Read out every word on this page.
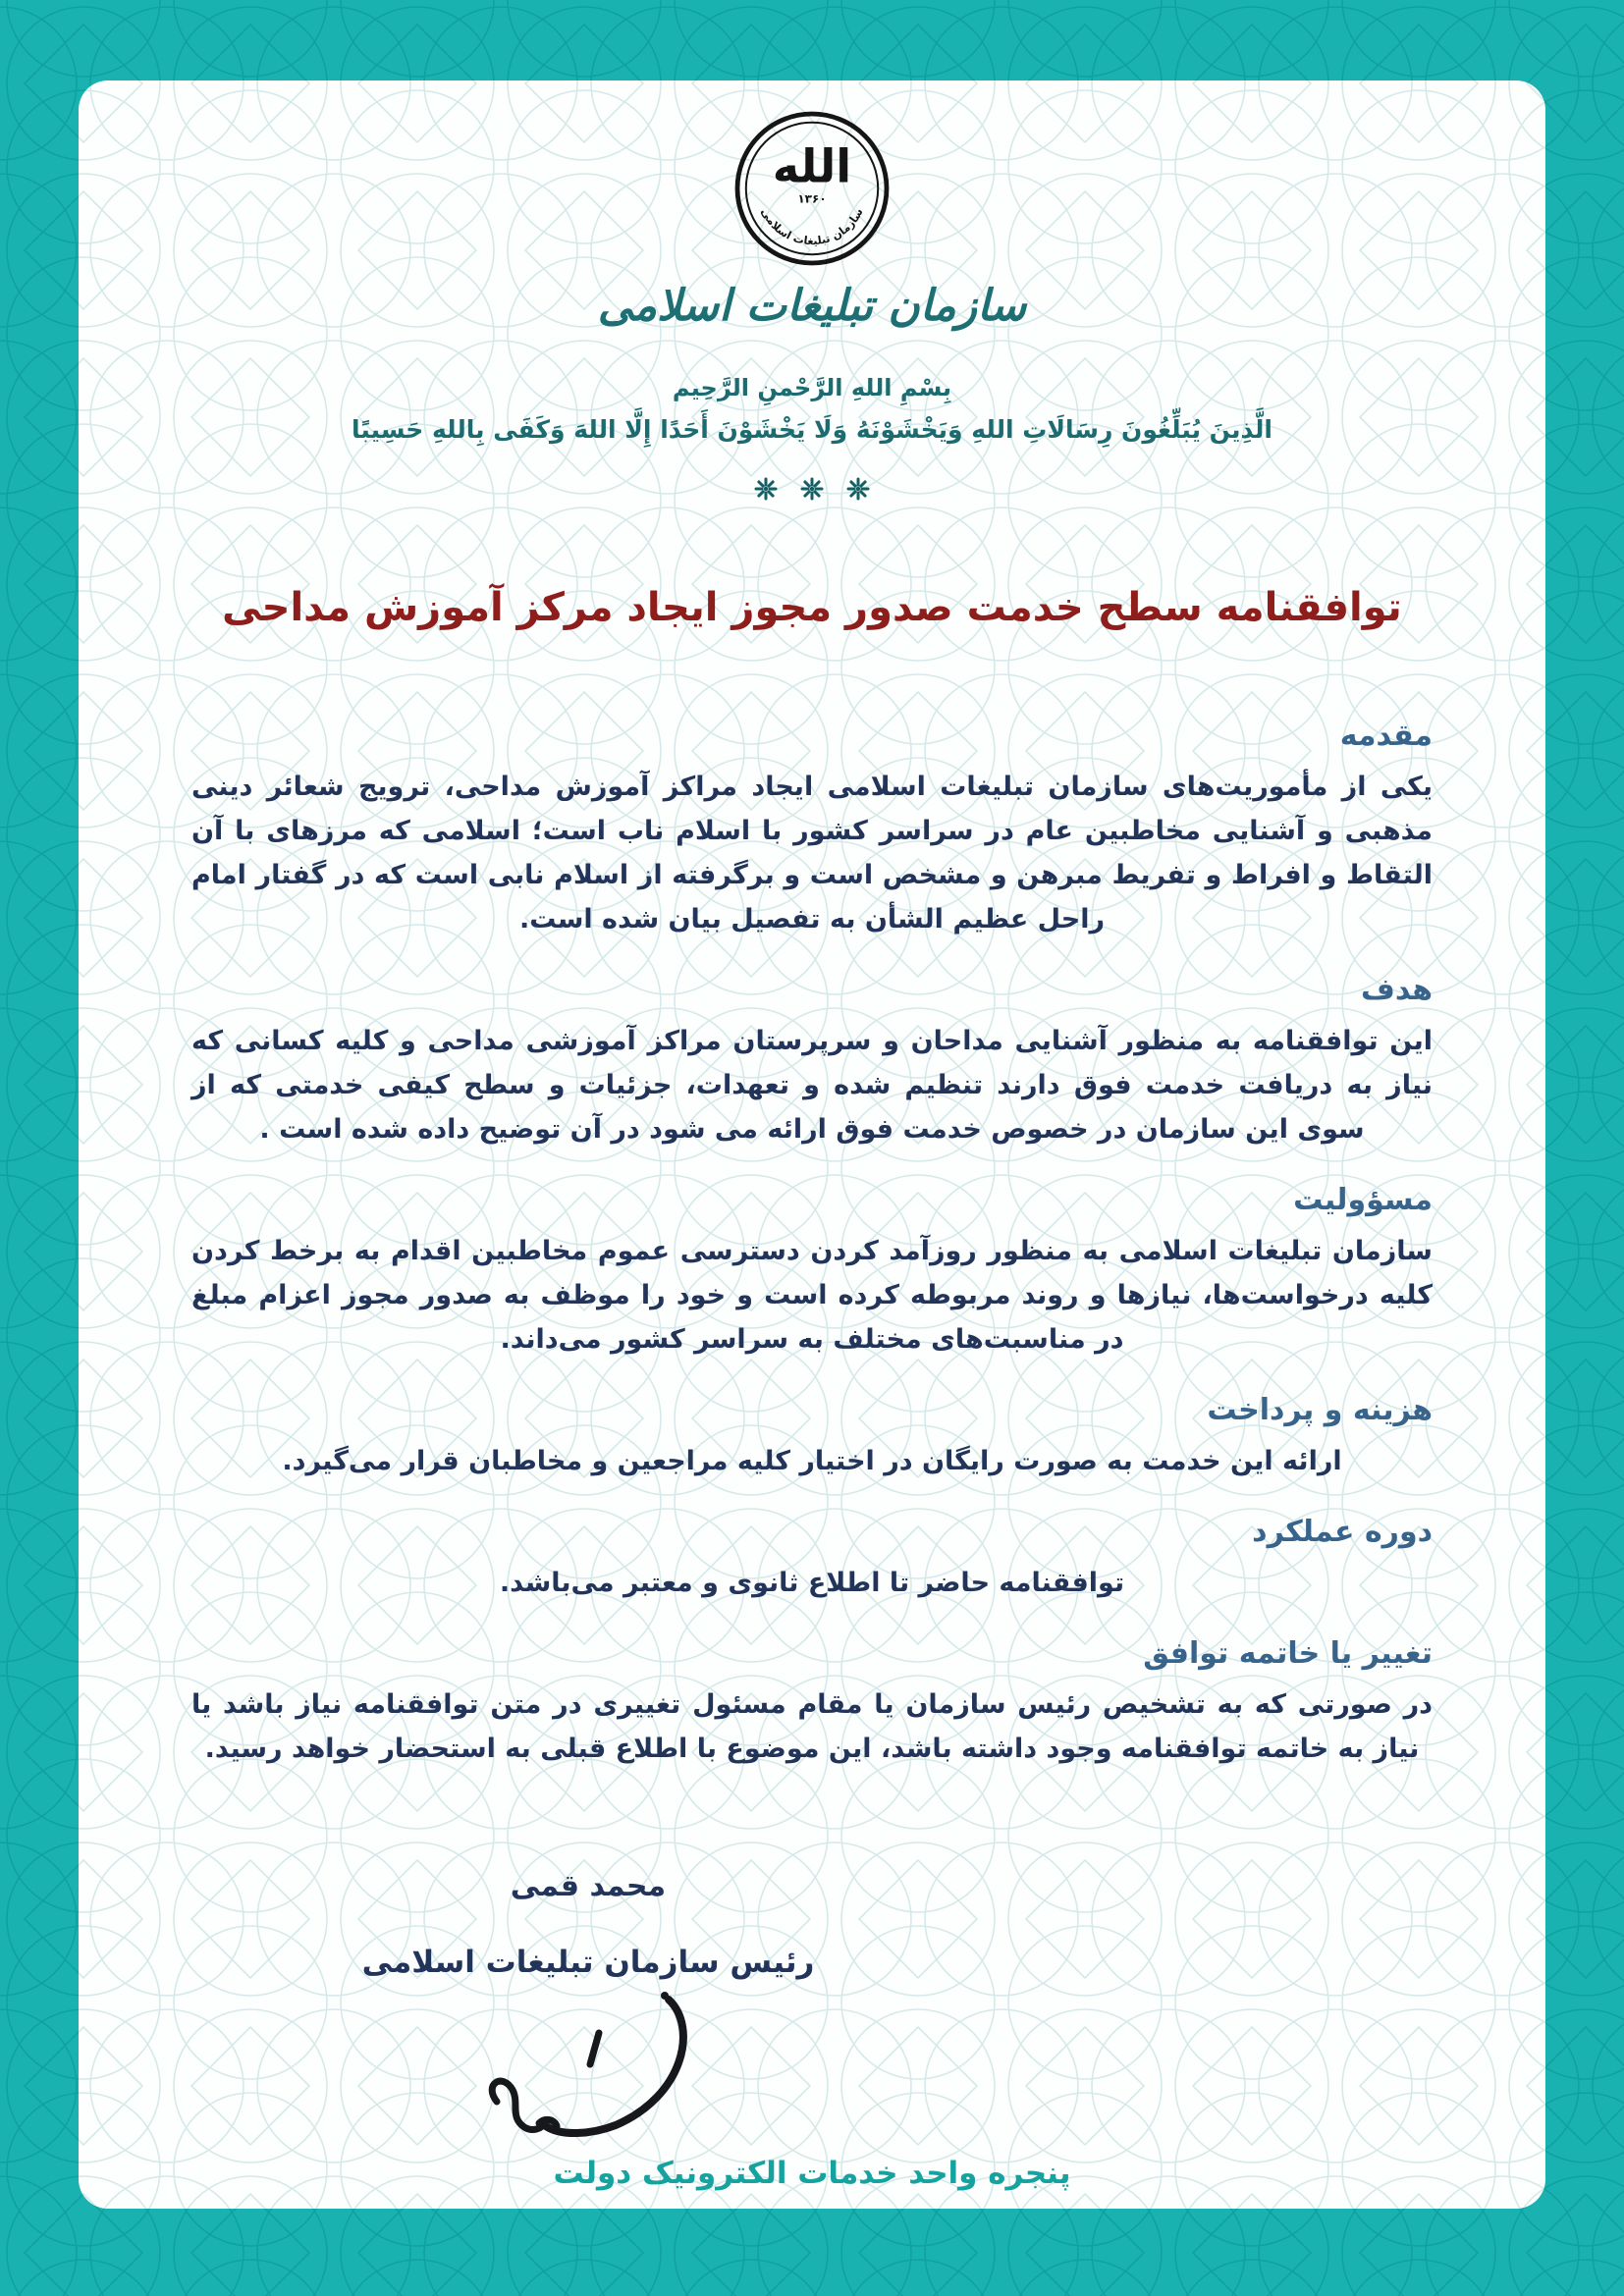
الله
۱۳۶۰
سازمان تبلیغات اسلامی
سازمان تبلیغات اسلامی
بِسْمِ اللهِ الرَّحْمنِ الرَّحِيم
الَّذِينَ يُبَلِّغُونَ رِسَالَاتِ اللهِ وَيَخْشَوْنَهُ وَلَا يَخْشَوْنَ أَحَدًا إِلَّا اللهَ وَكَفَى بِاللهِ حَسِيبًا

توافقنامه سطح خدمت صدور مجوز ایجاد مرکز آموزش مداحی
مقدمه

یکی از مأموریت‌های سازمان تبلیغات اسلامی ایجاد مراکز آموزش مداحی، ترویج شعائر دینی مذهبی و آشنایی مخاطبین عام در سراسر کشور با اسلام ناب است؛ اسلامی که مرزهای با آن التقاط و افراط و تفریط مبرهن و مشخص است و برگرفته از اسلام نابی است که در گفتار امام راحل عظیم الشأن به تفصیل بیان شده است.

هدف

این توافقنامه به منظور آشنایی مداحان و سرپرستان مراکز آموزشی مداحی و کلیه کسانی که نیاز به دریافت خدمت فوق دارند تنظیم شده و تعهدات، جزئیات و سطح کیفی خدمتی که از سوی این سازمان در خصوص خدمت فوق ارائه می شود در آن توضیح داده شده است .

مسؤولیت

سازمان تبلیغات اسلامی به منظور روزآمد کردن دسترسی عموم مخاطبین اقدام به برخط کردن کلیه درخواست‌ها، نیازها و روند مربوطه کرده است و خود را موظف به صدور مجوز اعزام مبلغ در مناسبت‌های مختلف به سراسر کشور می‌داند.

هزینه و پرداخت

ارائه این خدمت به صورت رایگان در اختیار کلیه مراجعین و مخاطبان قرار می‌گیرد.

دوره عملکرد

توافقنامه حاضر تا اطلاع ثانوی و معتبر می‌باشد.

تغییر یا خاتمه توافق

در صورتی که به تشخیص رئیس سازمان یا مقام مسئول تغییری در متن توافقنامه نیاز باشد یا نیاز به خاتمه توافقنامه وجود داشته باشد، این موضوع با اطلاع قبلی به استحضار خواهد رسید.

محمد قمی
رئیس سازمان تبلیغات اسلامی
پنجره واحد خدمات الکترونیک دولت
